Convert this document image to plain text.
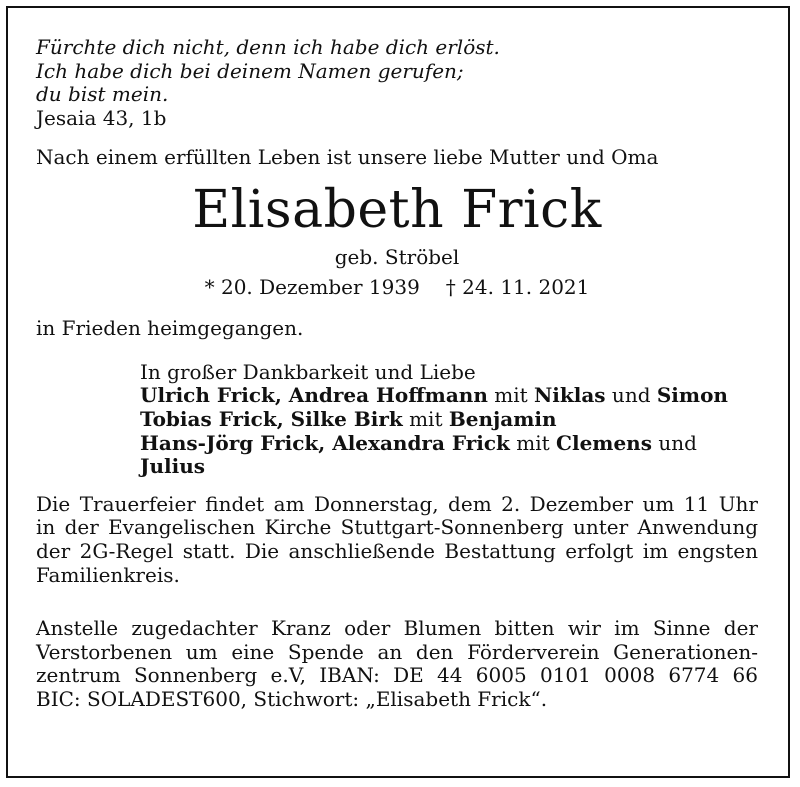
Fürchte dich nicht, denn ich habe dich erlöst.
Ich habe dich bei deinem Namen gerufen;
du bist mein.
Jesaia 43, 1b
Nach einem erfüllten Leben ist unsere liebe Mutter und Oma
Elisabeth Frick
geb. Ströbel
* 20. Dezember 1939 † 24. 11. 2021
in Frieden heimgegangen.
In großer Dankbarkeit und Liebe
Ulrich Frick, Andrea Hoffmann mit Niklas und Simon
Tobias Frick, Silke Birk mit Benjamin
Hans-Jörg Frick, Alexandra Frick mit Clemens und Julius
Die Trauerfeier findet am Donnerstag, dem 2. Dezember um 11 Uhr
in der Evangelischen Kirche Stuttgart-Sonnenberg unter Anwendung
der 2G-Regel statt. Die anschließende Bestattung erfolgt im engsten
Familienkreis.
Anstelle zugedachter Kranz oder Blumen bitten wir im Sinne der
Verstorbenen um eine Spende an den Förderverein Generationen-
zentrum Sonnenberg e.V, IBAN: DE 44 6005 0101 0008 6774 66
BIC: SOLADEST600, Stichwort: „Elisabeth Frick“.
